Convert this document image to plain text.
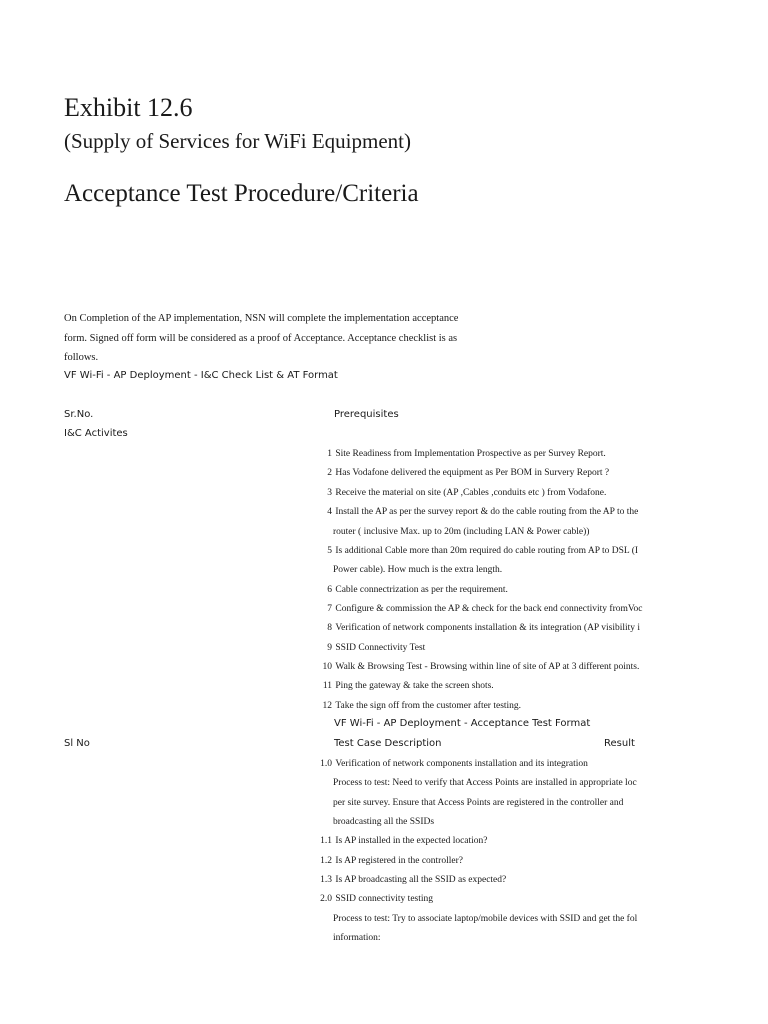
Exhibit 12.6
(Supply of Services for WiFi Equipment)
Acceptance Test Procedure/Criteria
On Completion of the AP implementation, NSN will complete the implementation acceptance
form. Signed off form will be considered as a proof of Acceptance. Acceptance checklist is as
follows.
VF Wi-Fi - AP Deployment - I&C Check List & AT Format
Sr.No.	Prerequisites
I&C Activites
1 Site Readiness from Implementation Prospective as per Survey Report.
2 Has Vodafone delivered the equipment as Per BOM in Survery Report ?
3 Receive the material on site (AP ,Cables ,conduits etc ) from Vodafone.
4 Install the AP as per the survey report & do the cable routing from the AP to the
router ( inclusive Max. up to 20m (including LAN & Power cable))
5 Is additional Cable more than 20m required do cable routing from AP to DSL (I
Power cable). How much is the extra length.
6 Cable connectrization as per the requirement.
7 Configure & commission the AP & check for the back end connectivity fromVoc
8 Verification of network components installation & its integration (AP visibility i
9 SSID Connectivity Test
10 Walk & Browsing Test - Browsing within line of site of AP at 3 different points.
11 Ping the gateway & take the screen shots.
12 Take the sign off from the customer after testing.
VF Wi-Fi - AP Deployment - Acceptance Test Format
Sl No	Test Case Description	Result
1.0 Verification of network components installation and its integration
Process to test: Need to verify that Access Points are installed in appropriate loc
per site survey. Ensure that Access Points are registered in the controller and
broadcasting all the SSIDs
1.1 Is AP installed in the expected location?
1.2 Is AP registered in the controller?
1.3 Is AP broadcasting all the SSID as expected?
2.0 SSID connectivity testing
Process to test: Try to associate laptop/mobile devices with SSID and get the fol
information:
